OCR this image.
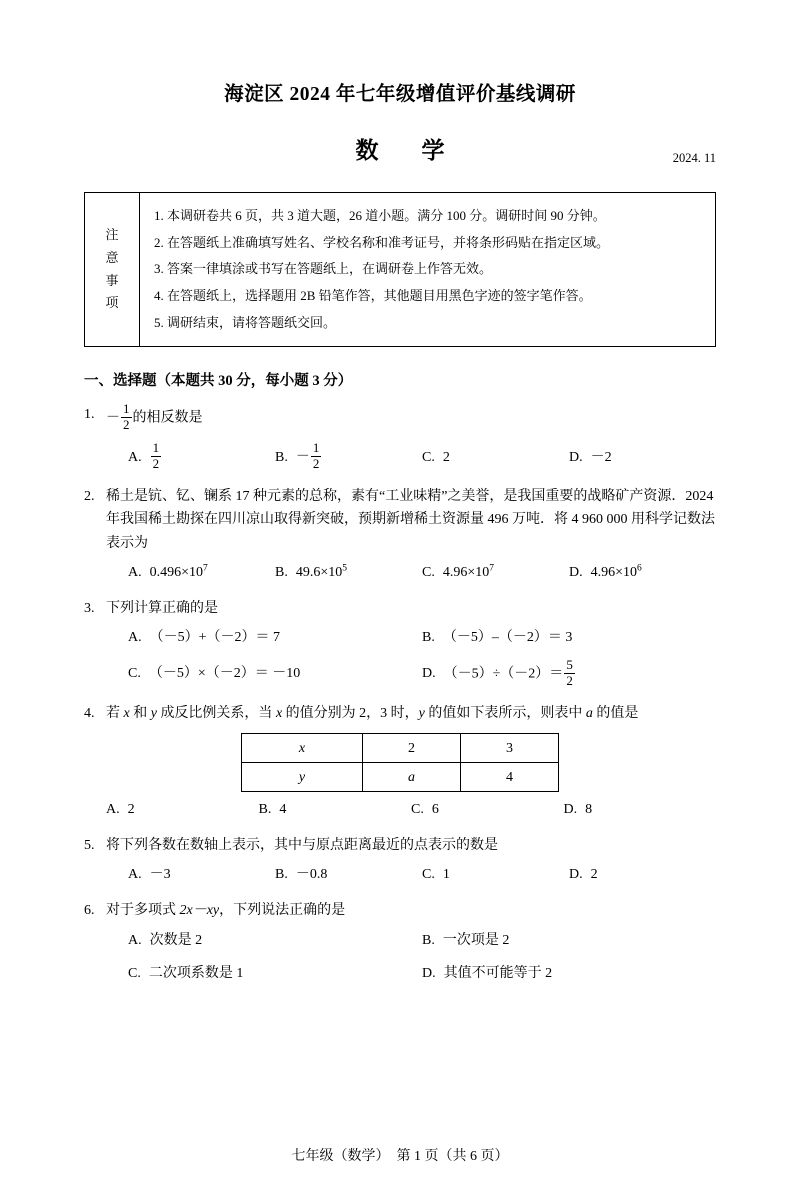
海淀区 2024 年七年级增值评价基线调研
数　学	2024. 11
注
意
事
项
1. 本调研卷共 6 页，共 3 道大题，26 道小题。满分 100 分。调研时间 90 分钟。
2. 在答题纸上准确填写姓名、学校名称和准考证号，并将条形码贴在指定区域。
3. 答案一律填涂或书写在答题纸上，在调研卷上作答无效。
4. 在答题纸上，选择题用 2B 铅笔作答，其他题目用黑色字迹的签字笔作答。
5. 调研结束，请将答题纸交回。
一、选择题（本题共 30 分，每小题 3 分）
1. － $\frac{1}{2}$ 的相反数是
A. $\frac{1}{2}$	B. － $\frac{1}{2}$	C. 2	D. －2
2. 稀土是钪、钇、镧系 17 种元素的总称，素有“工业味精”之美誉，是我国重要的战略矿产资源．2024 年我国稀土勘探在四川凉山取得新突破，预期新增稀土资源量 496 万吨．将 4 960 000 用科学记数法表示为
A. $0.496\times 10^7$	B. $49.6\times 10^5$	C. $4.96\times 10^7$	D. $4.96\times 10^6$
3. 下列计算正确的是
A. （－5）+（－2）＝ 7	B. （－5）–（－2）＝ 3
C. （－5）×（－2）＝ －10	D. $(-5)\div(-2)= \frac{5}{2}$
4. 若 x 和 y 成反比例关系，当 x 的值分别为 2，3 时，y 的值如下表所示，则表中 a 的值是
x	2	3
y	a	4
A. 2	B. 4	C. 6	D. 8
5. 将下列各数在数轴上表示，其中与原点距离最近的点表示的数是
A. －3	B. －0.8	C. 1	D. 2
6. 对于多项式 2x－xy，下列说法正确的是
A. 次数是 2	B. 一次项是 2
C. 二次项系数是 1	D. 其值不可能等于 2
七年级（数学）　第 1 页（共 6 页）
